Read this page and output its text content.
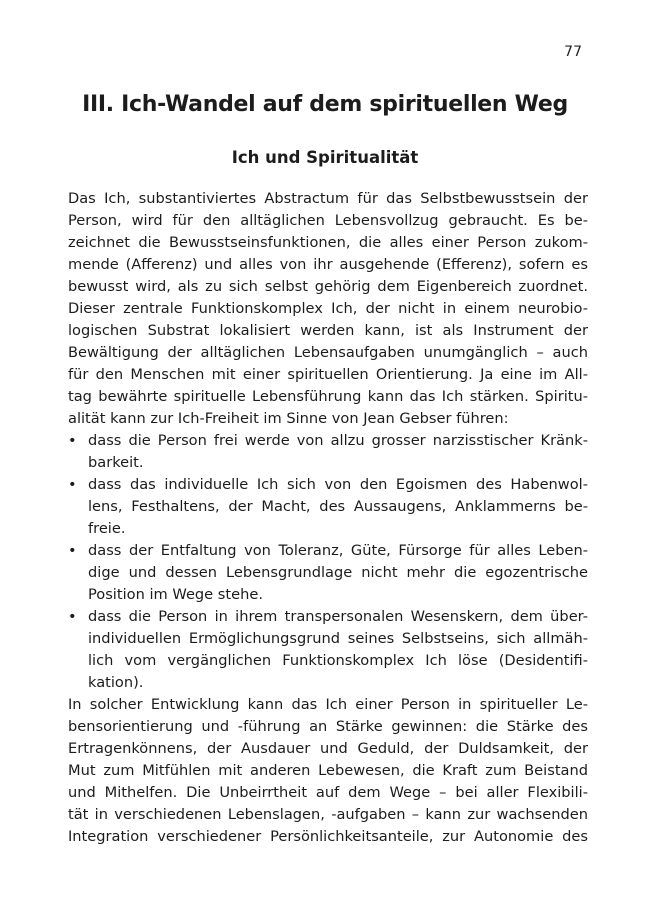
77
III. Ich-Wandel auf dem spirituellen Weg
Ich und Spiritualität
Das Ich, substantiviertes Abstractum für das Selbstbewusstsein der
Person, wird für den alltäglichen Lebensvollzug gebraucht. Es be-
zeichnet die Bewusstseinsfunktionen, die alles einer Person zukom-
mende (Afferenz) und alles von ihr ausgehende (Efferenz), sofern es
bewusst wird, als zu sich selbst gehörig dem Eigenbereich zuordnet.
Dieser zentrale Funktionskomplex Ich, der nicht in einem neurobio-
logischen Substrat lokalisiert werden kann, ist als Instrument der
Bewältigung der alltäglichen Lebensaufgaben unumgänglich – auch
für den Menschen mit einer spirituellen Orientierung. Ja eine im All-
tag bewährte spirituelle Lebensführung kann das Ich stärken. Spiritu-
alität kann zur Ich-Freiheit im Sinne von Jean Gebser führen:
• dass die Person frei werde von allzu grosser narzisstischer Kränk-
barkeit.
• dass das individuelle Ich sich von den Egoismen des Habenwol-
lens, Festhaltens, der Macht, des Aussaugens, Anklammerns be-
freie.
• dass der Entfaltung von Toleranz, Güte, Fürsorge für alles Leben-
dige und dessen Lebensgrundlage nicht mehr die egozentrische
Position im Wege stehe.
• dass die Person in ihrem transpersonalen Wesenskern, dem über-
individuellen Ermöglichungsgrund seines Selbstseins, sich allmäh-
lich vom vergänglichen Funktionskomplex Ich löse (Desidentifi-
kation).
In solcher Entwicklung kann das Ich einer Person in spiritueller Le-
bensorientierung und -führung an Stärke gewinnen: die Stärke des
Ertragenkönnens, der Ausdauer und Geduld, der Duldsamkeit, der
Mut zum Mitfühlen mit anderen Lebewesen, die Kraft zum Beistand
und Mithelfen. Die Unbeirrtheit auf dem Wege – bei aller Flexibili-
tät in verschiedenen Lebenslagen, -aufgaben – kann zur wachsenden
Integration verschiedener Persönlichkeitsanteile, zur Autonomie des
